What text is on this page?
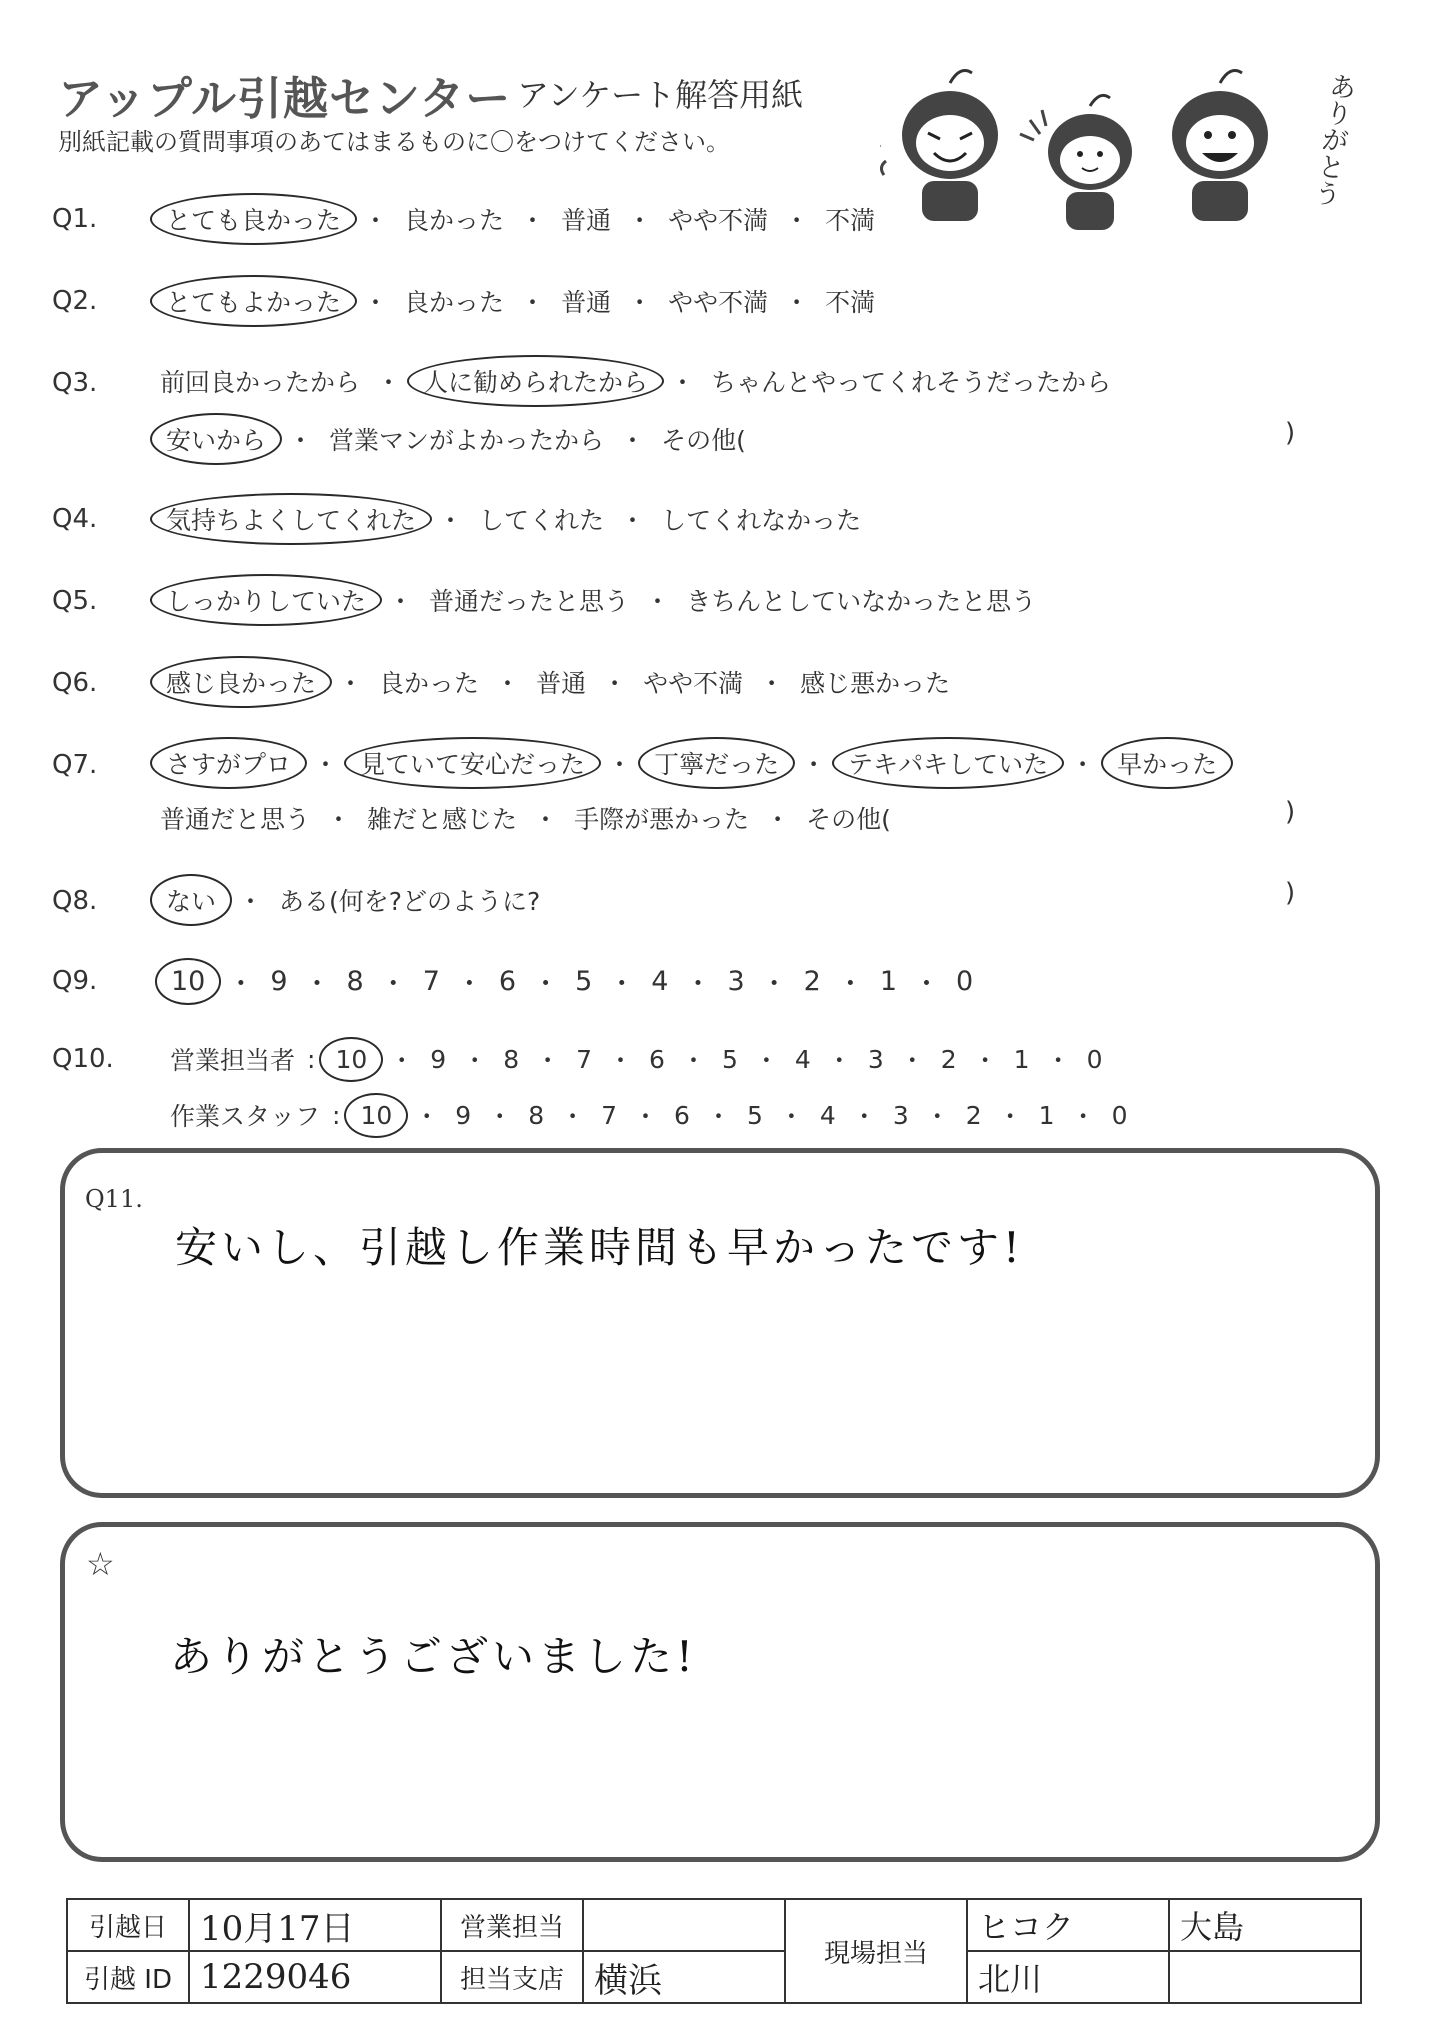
アップル引越センター アンケート解答用紙
別紙記載の質問事項のあてはまるものに〇をつけてください。	ありがとう
Q1.	とても良かった ・ 良かった ・ 普通 ・ やや不満 ・ 不満
Q2.	とてもよかった ・ 良かった ・ 普通 ・ やや不満 ・ 不満
Q3.	前回良かったから ・ 人に勧められたから ・ ちゃんとやってくれそうだったから
安いから ・ 営業マンがよかったから ・ その他(	)
Q4.	気持ちよくしてくれた ・ してくれた ・ してくれなかった
Q5.	しっかりしていた ・ 普通だったと思う ・ きちんとしていなかったと思う
Q6.	感じ良かった ・ 良かった ・ 普通 ・ やや不満 ・ 感じ悪かった
Q7.	さすがプロ ・ 見ていて安心だった ・ 丁寧だった ・ テキパキしていた ・ 早かった
普通だと思う ・ 雑だと感じた ・ 手際が悪かった ・ その他(	)
Q8.	ない ・ ある(何を?どのように?	)
Q9.	10 ・ 9 ・ 8 ・ 7 ・ 6 ・ 5 ・ 4 ・ 3 ・ 2 ・ 1 ・ 0
Q10. 営業担当者 : 10 ・ 9 ・ 8 ・ 7 ・ 6 ・ 5 ・ 4 ・ 3 ・ 2 ・ 1 ・ 0
作業スタッフ : 10 ・ 9 ・ 8 ・ 7 ・ 6 ・ 5 ・ 4 ・ 3 ・ 2 ・ 1 ・ 0
Q11.
安いし、引越し作業時間も早かったです!
☆
ありがとうございました!
引越日	10月17日	営業担当		現場担当	ヒコク	大島
引越 ID	1229046	担当支店	横浜		北川	
